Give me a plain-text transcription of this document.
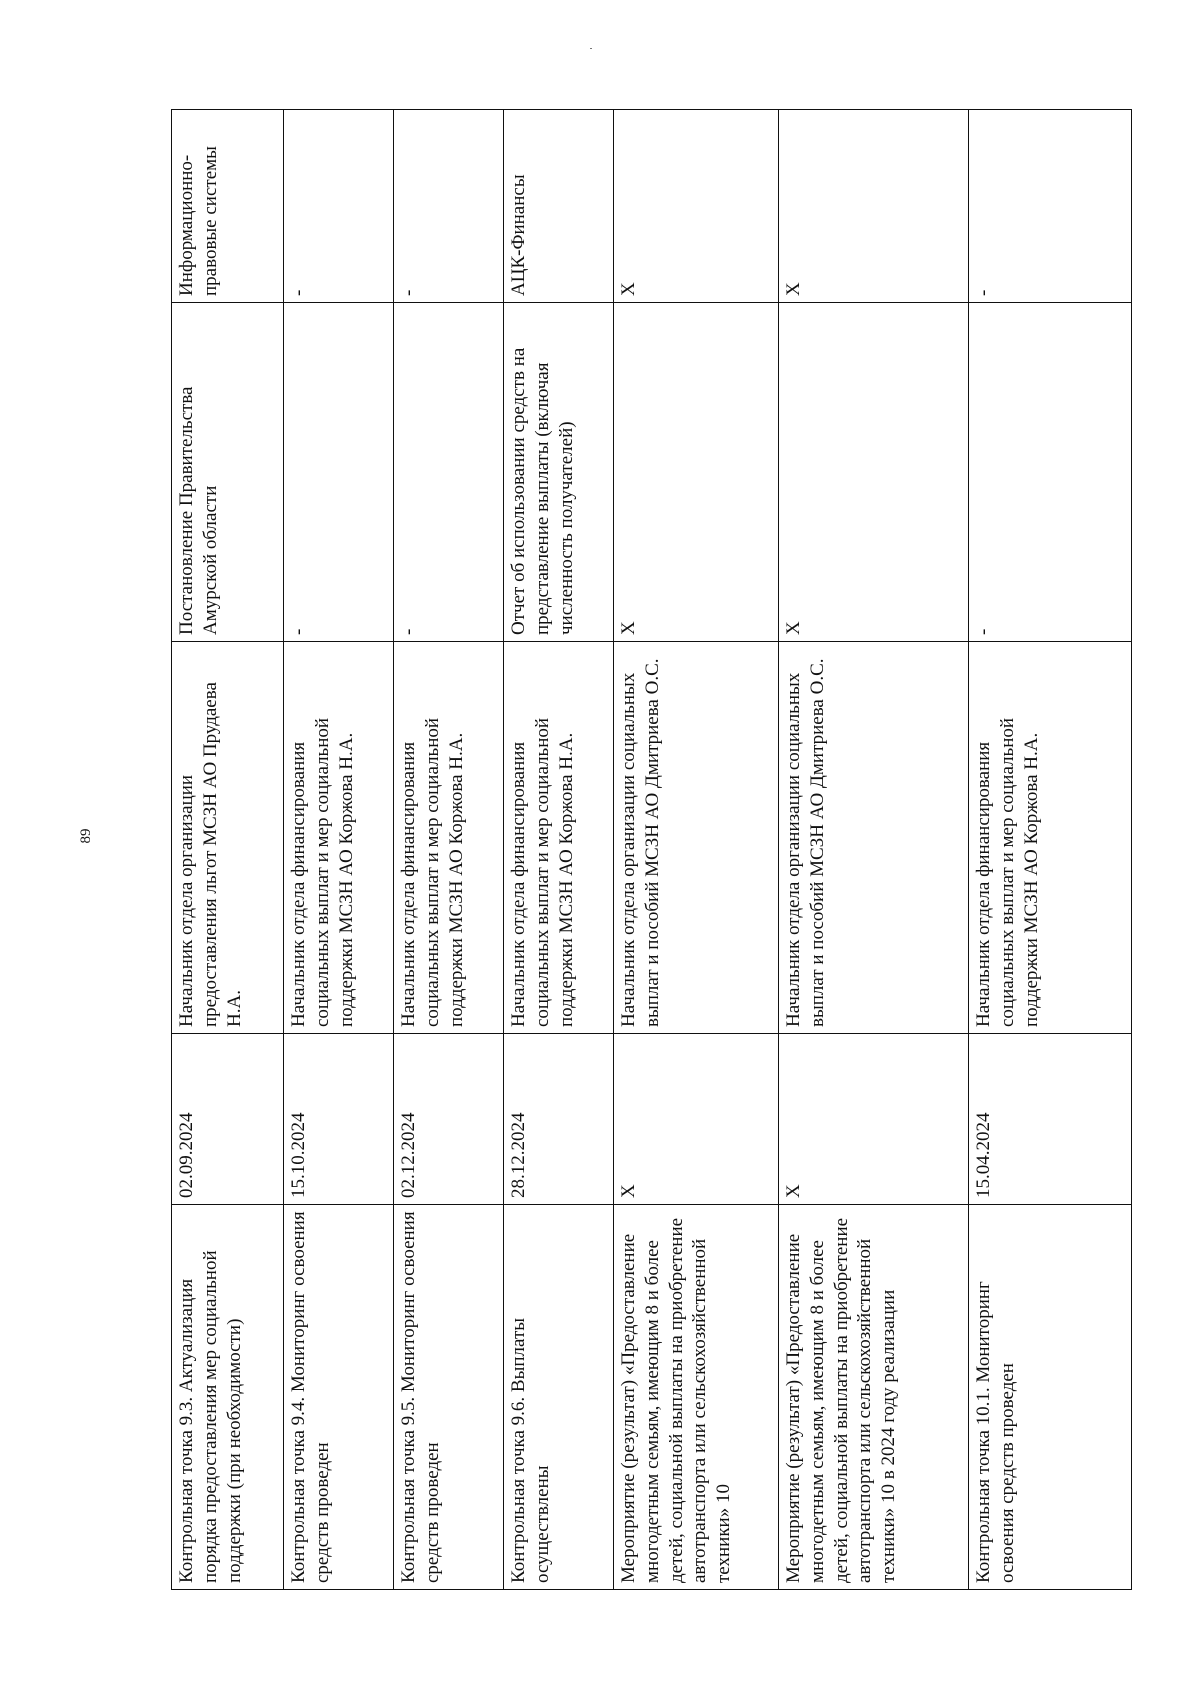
89
Контрольная точка 9.3. Актуализация порядка предоставления мер социальной поддержки (при необходимости)	02.09.2024	Начальник отдела организации предоставления льгот МСЗН АО Прудаева Н.А.	Постановление Правительства Амурской области	Информационно-правовые системы
Контрольная точка 9.4. Мониторинг освоения средств проведен	15.10.2024	Начальник отдела финансирования социальных выплат и мер социальной поддержки МСЗН АО Коржова Н.А.	-	-
Контрольная точка 9.5. Мониторинг освоения средств проведен	02.12.2024	Начальник отдела финансирования социальных выплат и мер социальной поддержки МСЗН АО Коржова Н.А.	-	-
Контрольная точка 9.6. Выплаты осуществлены	28.12.2024	Начальник отдела финансирования социальных выплат и мер социальной поддержки МСЗН АО Коржова Н.А.	Отчет об использовании средств на представление выплаты (включая численность получателей)	АЦК-Финансы
Мероприятие (результат) «Предоставление многодетным семьям, имеющим 8 и более детей, социальной выплаты на приобретение автотранспорта или сельскохозяйственной техники» 10	X	Начальник отдела организации социальных выплат и пособий МСЗН АО Дмитриева О.С.	X	X
Мероприятие (результат) «Предоставление многодетным семьям, имеющим 8 и более детей, социальной выплаты на приобретение автотранспорта или сельскохозяйственной техники» 10 в 2024 году реализации	X	Начальник отдела организации социальных выплат и пособий МСЗН АО Дмитриева О.С.	X	X
Контрольная точка 10.1. Мониторинг освоения средств проведен	15.04.2024	Начальник отдела финансирования социальных выплат и мер социальной поддержки МСЗН АО Коржова Н.А.	-	-
